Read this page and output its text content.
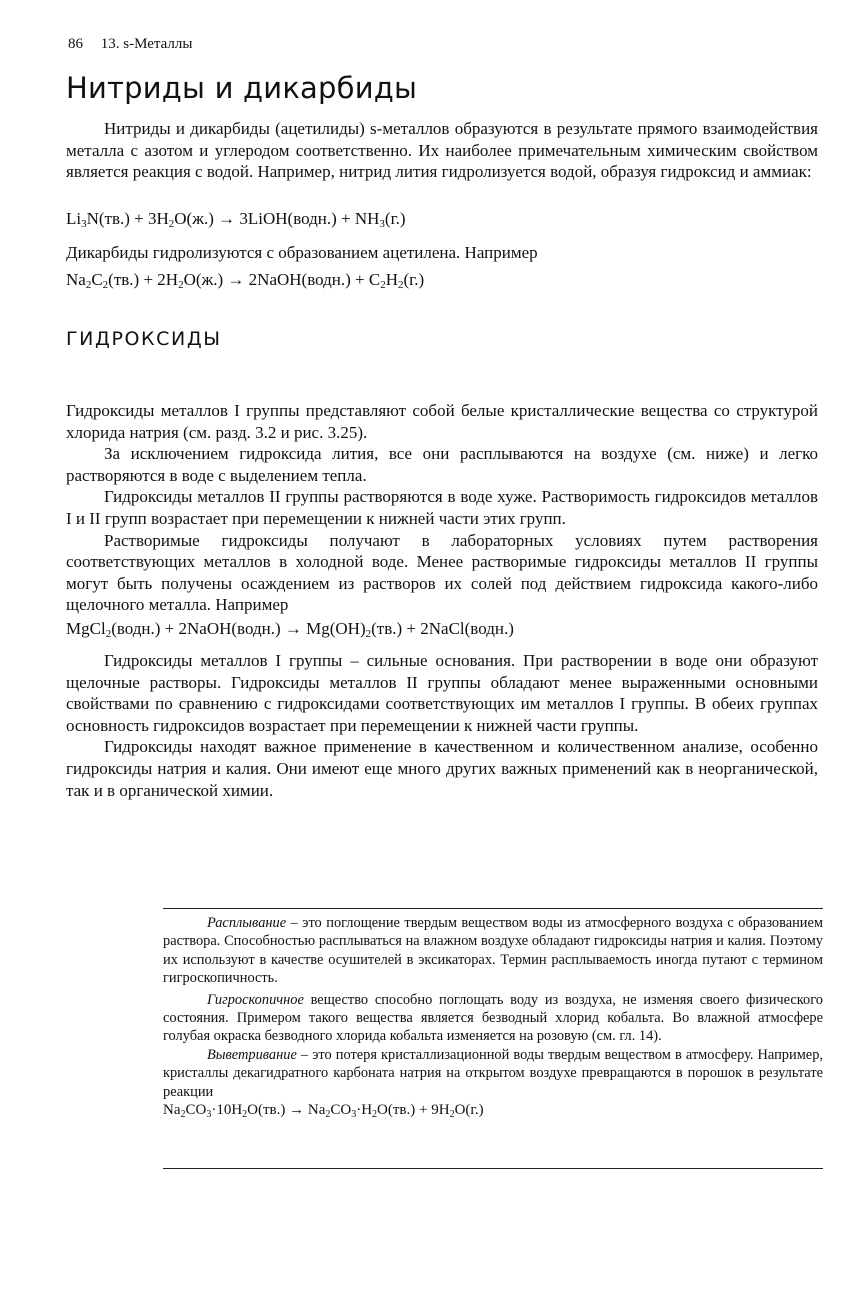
86 13. s-Металлы
Нитриды и дикарбиды

Нитриды и дикарбиды (ацетилиды) s-металлов образуются в результате прямого взаимодействия металла с азотом и углеродом соответственно. Их наиболее примечательным химическим свойством является реакция с водой. Например, нитрид лития гидролизуется водой, образуя гидроксид и аммиак:

$Li_3N(тв.) + 3H_2O(ж.)$ → 3LiOH(водн.) + $NH_3(г.)$

Дикарбиды гидролизуются с образованием ацетилена. Например

$Na_2C_2(тв.) + 2H_2O(ж.)$ → 2NaOH(водн.) + $C_2H_2(г.)$
ГИДРОКСИДЫ

Гидроксиды металлов I группы представляют собой белые кристаллические вещества со структурой хлорида натрия (см. разд. 3.2 и рис. 3.25).

За исключением гидроксида лития, все они расплываются на воздухе (см. ниже) и легко растворяются в воде с выделением тепла.

Гидроксиды металлов II группы растворяются в воде хуже. Растворимость гидроксидов металлов I и II групп возрастает при перемещении к нижней части этих групп.

Растворимые гидроксиды получают в лабораторных условиях путем растворения соответствующих металлов в холодной воде. Менее растворимые гидроксиды металлов II группы могут быть получены осаждением из растворов их солей под действием гидроксида какого-либо щелочного металла. Например

MgCl$_2$(водн.) + 2NaOH(водн.) → $Mg(OH)_2(тв.)$ + 2NaCl(водн.)

Гидроксиды металлов I группы – сильные основания. При растворении в воде они образуют щелочные растворы. Гидроксиды металлов II группы обладают менее выраженными основными свойствами по сравнению с гидроксидами соответствующих им металлов I группы. В обеих группах основность гидроксидов возрастает при перемещении к нижней части группы.

Гидроксиды находят важное применение в качественном и количественном анализе, особенно гидроксиды натрия и калия. Они имеют еще много других важных применений как в неорганической, так и в органической химии.

Расплывание – это поглощение твердым веществом воды из атмосферного воздуха с образованием раствора. Способностью расплываться на влажном воздухе обладают гидроксиды натрия и калия. Поэтому их используют в качестве осушителей в эксикаторах. Термин расплываемость иногда путают с термином гигроскопичность.

Гигроскопичное вещество способно поглощать воду из воздуха, не изменяя своего физического состояния. Примером такого вещества является безводный хлорид кобальта. Во влажной атмосфере голубая окраска безводного хлорида кобальта изменяется на розовую (см. гл. 14).

Выветривание – это потеря кристаллизационной воды твердым веществом в атмосферу. Например, кристаллы декагидратного карбоната натрия на открытом воздухе превращаются в порошок в результате реакции

$Na_2CO_3\cdot 10H_2O(тв.) \to Na_2CO_3\cdot H_2O(тв.) + 9H_2O(г.)$
